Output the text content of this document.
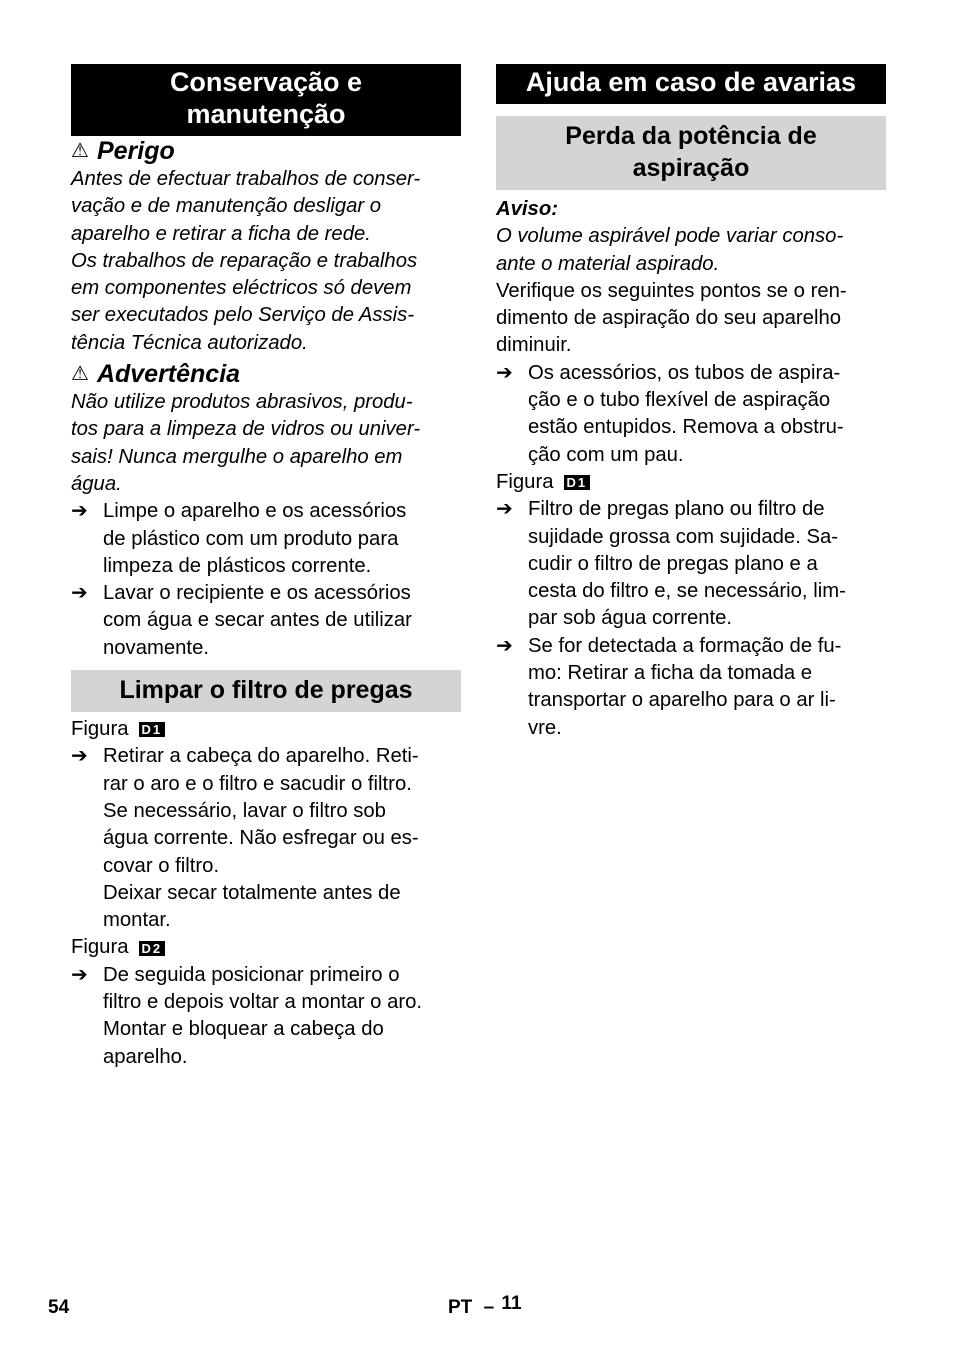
Conservação e
manutenção
⚠ Perigo

Antes de efectuar trabalhos de conser-
vação e de manutenção desligar o
aparelho e retirar a ficha de rede.
Os trabalhos de reparação e trabalhos
em componentes eléctricos só devem
ser executados pelo Serviço de Assis-
tência Técnica autorizado.

⚠ Advertência

Não utilize produtos abrasivos, produ-
tos para a limpeza de vidros ou univer-
sais! Nunca mergulhe o aparelho em
água.

➔ Limpe o aparelho e os acessórios
de plástico com um produto para
limpeza de plásticos corrente.

➔ Lavar o recipiente e os acessórios
com água e secar antes de utilizar
novamente.

Limpar o filtro de pregas
Figura D1
➔ Retirar a cabeça do aparelho. Reti-
rar o aro e o filtro e sacudir o filtro.
Se necessário, lavar o filtro sob
água corrente. Não esfregar ou es-
covar o filtro.
Deixar secar totalmente antes de
montar.

Figura D2
➔ De seguida posicionar primeiro o
filtro e depois voltar a montar o aro.
Montar e bloquear a cabeça do
aparelho.

Ajuda em caso de avarias
Perda da potência de
aspiração

Aviso:

O volume aspirável pode variar conso-
ante o material aspirado.

Verifique os seguintes pontos se o ren-
dimento de aspiração do seu aparelho
diminuir.

➔ Os acessórios, os tubos de aspira-
ção e o tubo flexível de aspiração
estão entupidos. Remova a obstru-
ção com um pau.

Figura D1
➔ Filtro de pregas plano ou filtro de
sujidade grossa com sujidade. Sa-
cudir o filtro de pregas plano e a
cesta do filtro e, se necessário, lim-
par sob água corrente.

➔ Se for detectada a formação de fu-
mo: Retirar a ficha da tomada e
transportar o aparelho para o ar li-
vre.

54	PT – 11
